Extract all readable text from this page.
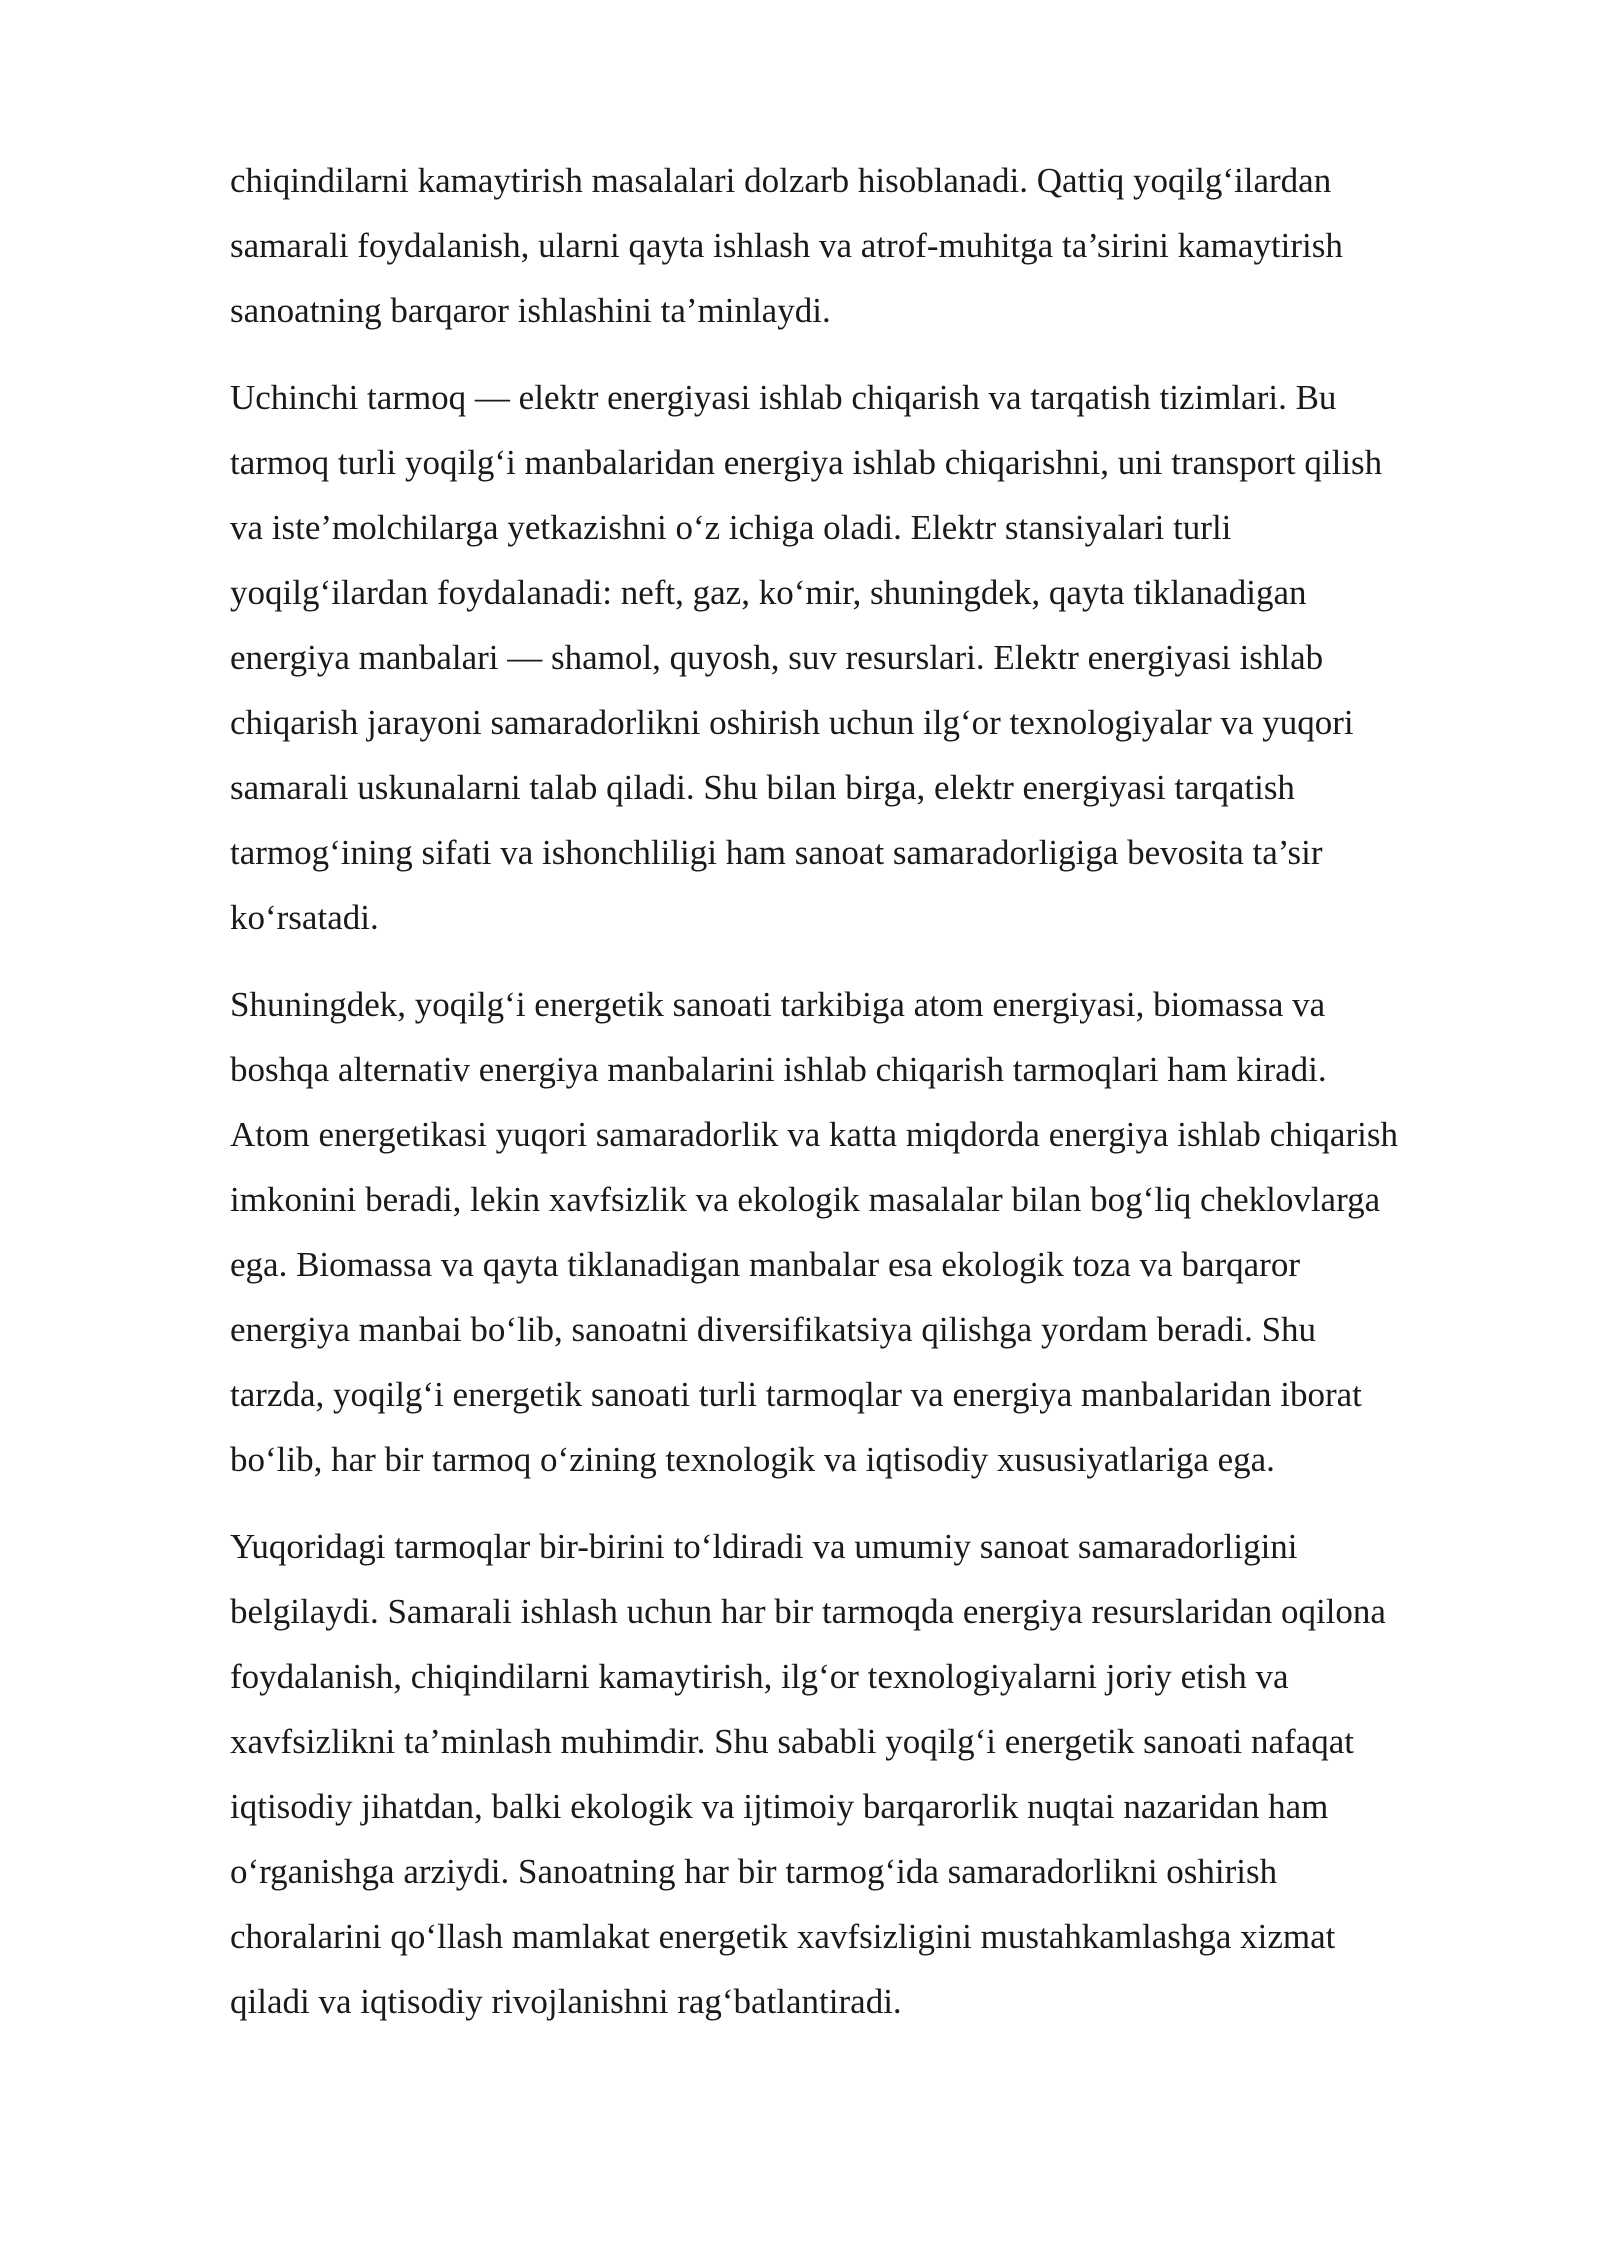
chiqindilarni kamaytirish masalalari dolzarb hisoblanadi. Qattiq yoqilg‘ilardan
samarali foydalanish, ularni qayta ishlash va atrof-muhitga ta’sirini kamaytirish
sanoatning barqaror ishlashini ta’minlaydi.
Uchinchi tarmoq — elektr energiyasi ishlab chiqarish va tarqatish tizimlari. Bu
tarmoq turli yoqilg‘i manbalaridan energiya ishlab chiqarishni, uni transport qilish
va iste’molchilarga yetkazishni o‘z ichiga oladi. Elektr stansiyalari turli
yoqilg‘ilardan foydalanadi: neft, gaz, ko‘mir, shuningdek, qayta tiklanadigan
energiya manbalari — shamol, quyosh, suv resurslari. Elektr energiyasi ishlab
chiqarish jarayoni samaradorlikni oshirish uchun ilg‘or texnologiyalar va yuqori
samarali uskunalarni talab qiladi. Shu bilan birga, elektr energiyasi tarqatish
tarmog‘ining sifati va ishonchliligi ham sanoat samaradorligiga bevosita ta’sir
ko‘rsatadi.
Shuningdek, yoqilg‘i energetik sanoati tarkibiga atom energiyasi, biomassa va
boshqa alternativ energiya manbalarini ishlab chiqarish tarmoqlari ham kiradi.
Atom energetikasi yuqori samaradorlik va katta miqdorda energiya ishlab chiqarish
imkonini beradi, lekin xavfsizlik va ekologik masalalar bilan bog‘liq cheklovlarga
ega. Biomassa va qayta tiklanadigan manbalar esa ekologik toza va barqaror
energiya manbai bo‘lib, sanoatni diversifikatsiya qilishga yordam beradi. Shu
tarzda, yoqilg‘i energetik sanoati turli tarmoqlar va energiya manbalaridan iborat
bo‘lib, har bir tarmoq o‘zining texnologik va iqtisodiy xususiyatlariga ega.
Yuqoridagi tarmoqlar bir-birini to‘ldiradi va umumiy sanoat samaradorligini
belgilaydi. Samarali ishlash uchun har bir tarmoqda energiya resurslaridan oqilona
foydalanish, chiqindilarni kamaytirish, ilg‘or texnologiyalarni joriy etish va
xavfsizlikni ta’minlash muhimdir. Shu sababli yoqilg‘i energetik sanoati nafaqat
iqtisodiy jihatdan, balki ekologik va ijtimoiy barqarorlik nuqtai nazaridan ham
o‘rganishga arziydi. Sanoatning har bir tarmog‘ida samaradorlikni oshirish
choralarini qo‘llash mamlakat energetik xavfsizligini mustahkamlashga xizmat
qiladi va iqtisodiy rivojlanishni rag‘batlantiradi.
